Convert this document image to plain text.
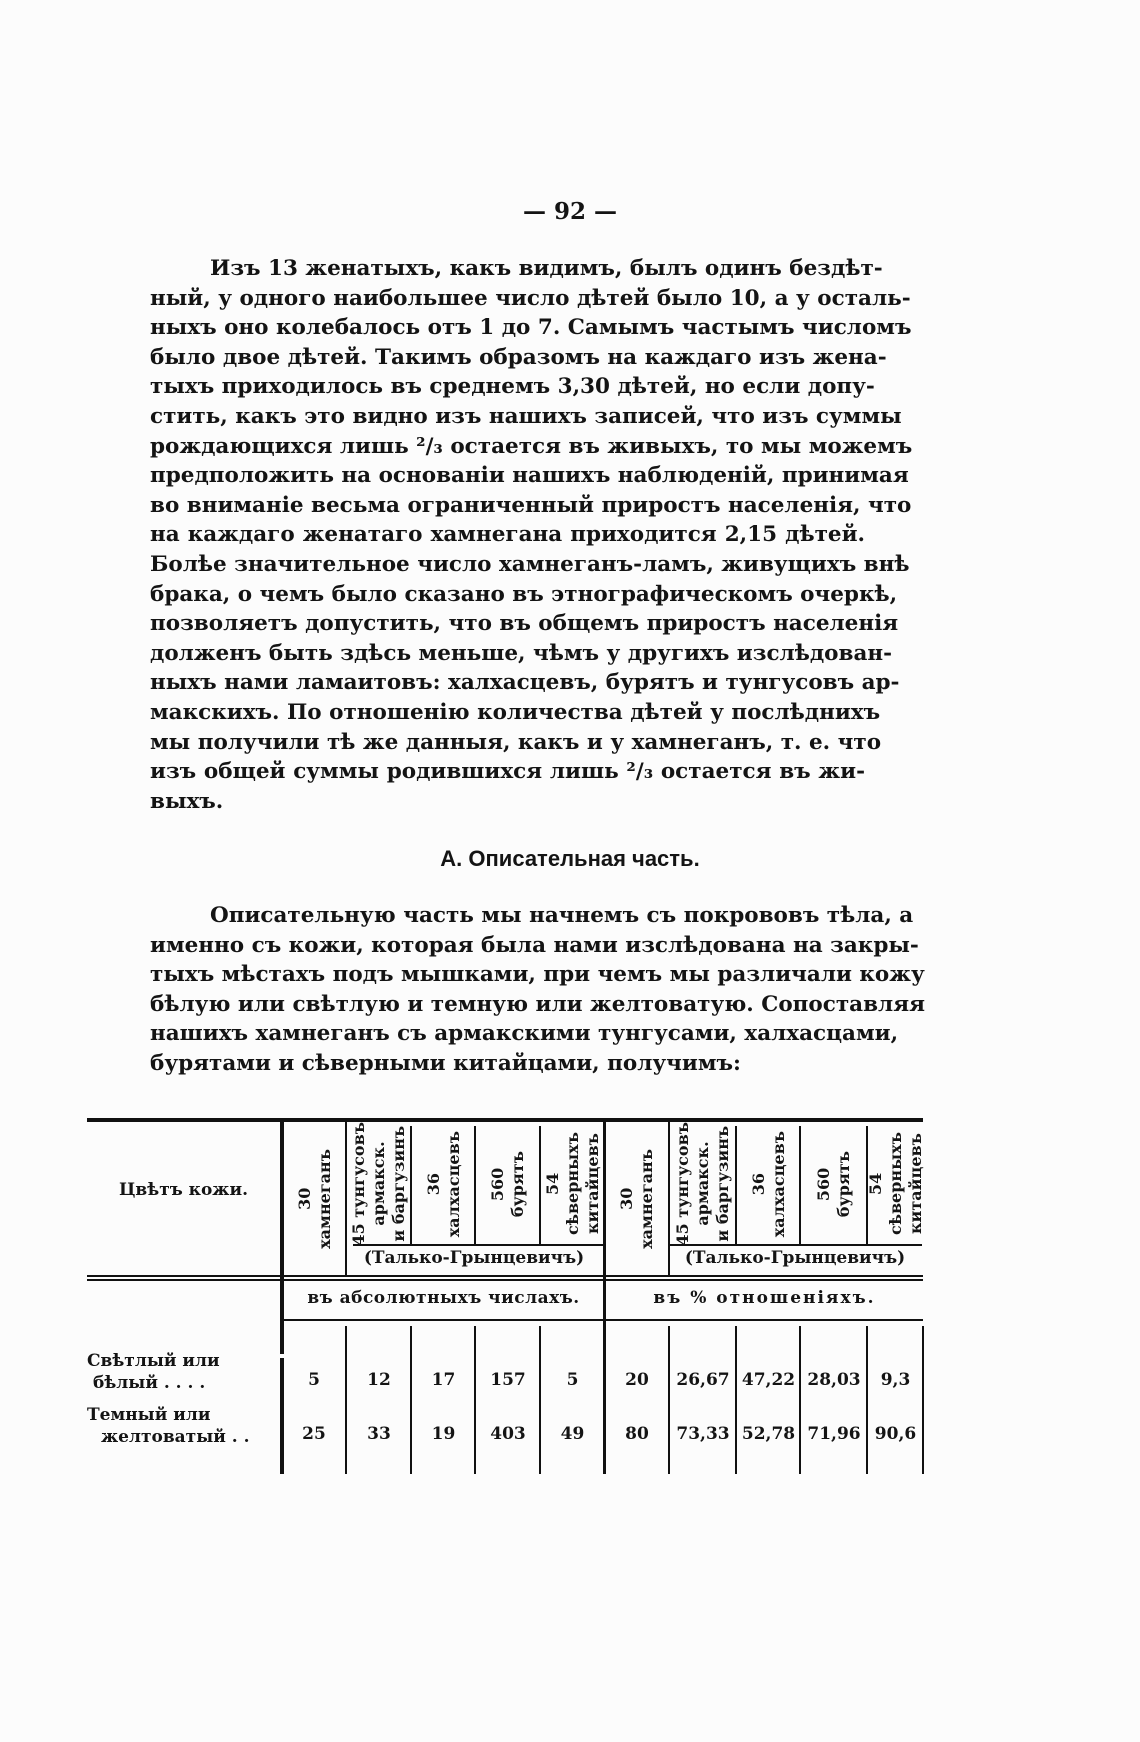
— 92 —
Изъ 13 женатыхъ, какъ видимъ, былъ одинъ бездѣт-
ный, у одного наибольшее число дѣтей было 10, а у осталь-
ныхъ оно колебалось отъ 1 до 7. Самымъ частымъ числомъ
было двое дѣтей. Такимъ образомъ на каждаго изъ жена-
тыхъ приходилось въ среднемъ 3,30 дѣтей, но если допу-
стить, какъ это видно изъ нашихъ записей, что изъ суммы
рождающихся лишь ²/₃ остается въ живыхъ, то мы можемъ
предположить на основаніи нашихъ наблюденій, принимая
во вниманіе весьма ограниченный приростъ населенія, что
на каждаго женатаго хамнегана приходится 2,15 дѣтей.
Болѣе значительное число хамнеганъ-ламъ, живущихъ внѣ
брака, о чемъ было сказано въ этнографическомъ очеркѣ,
позволяетъ допустить, что въ общемъ приростъ населенія
долженъ быть здѣсь меньше, чѣмъ у другихъ изслѣдован-
ныхъ нами ламаитовъ: халхасцевъ, бурятъ и тунгусовъ ар-
макскихъ. По отношенію количества дѣтей у послѣднихъ
мы получили тѣ же данныя, какъ и у хамнеганъ, т. е. что
изъ общей суммы родившихся лишь ²/₃ остается въ жи-
выхъ.
А. Описательная часть.
Описательную часть мы начнемъ съ покрововъ тѣла, а
именно съ кожи, которая была нами изслѣдована на закры-
тыхъ мѣстахъ подъ мышками, при чемъ мы различали кожу
бѣлую или свѣтлую и темную или желтоватую. Сопоставляя
нашихъ хамнеганъ съ армакскими тунгусами, халхасцами,
бурятами и сѣверными китайцами, получимъ:
Цвѣтъ кожи.	30 хамнеганъ 45 тунгусовъ армакск. и баргузинъ 36 халхасцевъ 560 бурятъ 54 сѣверныхъ китайцевъ
(Талько-Грынцевичъ)
въ абсолютныхъ числахъ.
30 хамнеганъ 45 тунгусовъ армакск. и баргузинъ 36 халхасцевъ 560 бурятъ 54 сѣверныхъ китайцевъ
(Талько-Грынцевичъ)
въ % отношеніяхъ.
Свѣтлый или
бѣлый . . . .	5	12	17	157	5	20	26,67 47,22 28,03	9,3
Темный или
желтоватый . .	25	33	19	403	49	80	73,33 52,78 71,96 90,6
